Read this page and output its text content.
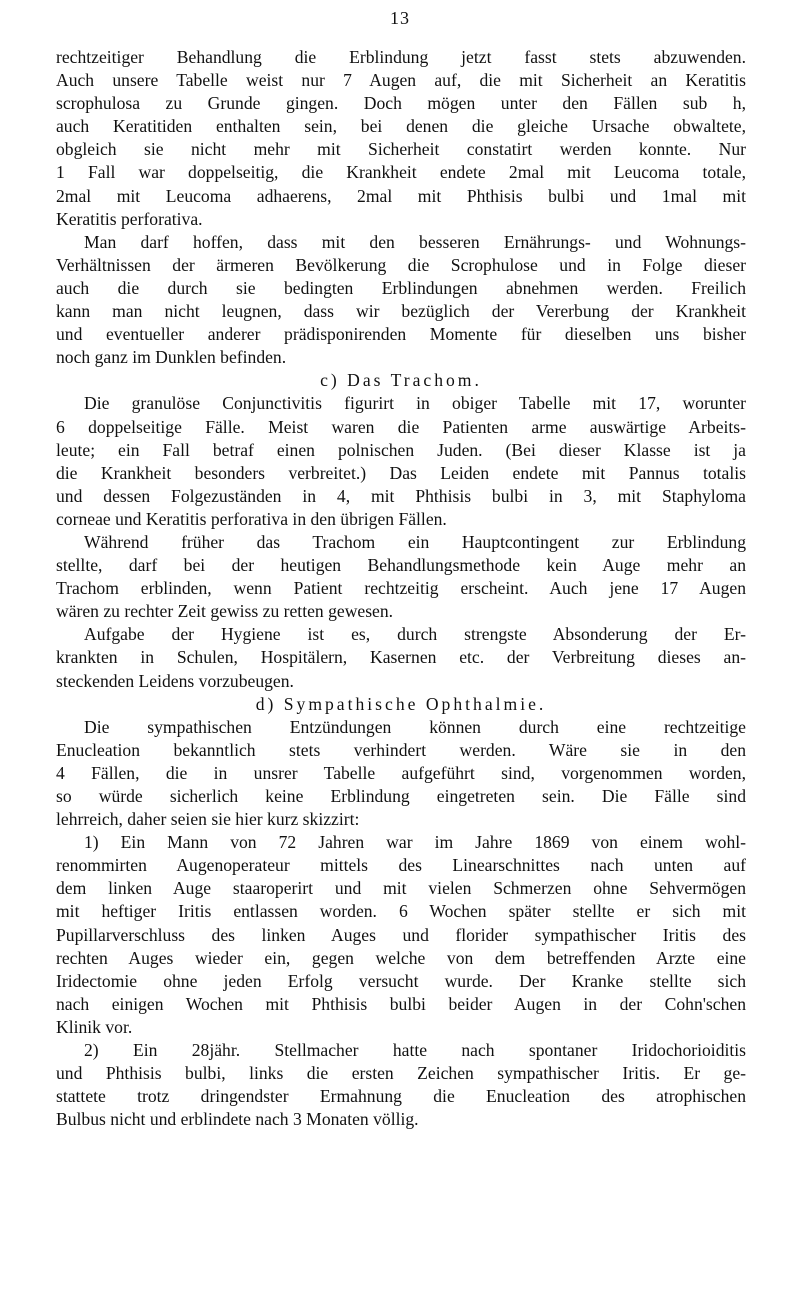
13
rechtzeitiger Behandlung die Erblindung jetzt fasst stets abzuwenden.
Auch unsere Tabelle weist nur 7 Augen auf, die mit Sicherheit an Keratitis
scrophulosa zu Grunde gingen. Doch mögen unter den Fällen sub h,
auch Keratitiden enthalten sein, bei denen die gleiche Ursache obwaltete,
obgleich sie nicht mehr mit Sicherheit constatirt werden konnte. Nur
1 Fall war doppelseitig, die Krankheit endete 2mal mit Leucoma totale,
2mal mit Leucoma adhaerens, 2mal mit Phthisis bulbi und 1mal mit
Keratitis perforativa.
Man darf hoffen, dass mit den besseren Ernährungs- und Wohnungs-
Verhältnissen der ärmeren Bevölkerung die Scrophulose und in Folge dieser
auch die durch sie bedingten Erblindungen abnehmen werden. Freilich
kann man nicht leugnen, dass wir bezüglich der Vererbung der Krankheit
und eventueller anderer prädisponirenden Momente für dieselben uns bisher
noch ganz im Dunklen befinden.
c) Das Trachom.
Die granulöse Conjunctivitis figurirt in obiger Tabelle mit 17, worunter
6 doppelseitige Fälle. Meist waren die Patienten arme auswärtige Arbeits-
leute; ein Fall betraf einen polnischen Juden. (Bei dieser Klasse ist ja
die Krankheit besonders verbreitet.) Das Leiden endete mit Pannus totalis
und dessen Folgezuständen in 4, mit Phthisis bulbi in 3, mit Staphyloma
corneae und Keratitis perforativa in den übrigen Fällen.
Während früher das Trachom ein Hauptcontingent zur Erblindung
stellte, darf bei der heutigen Behandlungsmethode kein Auge mehr an
Trachom erblinden, wenn Patient rechtzeitig erscheint. Auch jene 17 Augen
wären zu rechter Zeit gewiss zu retten gewesen.
Aufgabe der Hygiene ist es, durch strengste Absonderung der Er-
krankten in Schulen, Hospitälern, Kasernen etc. der Verbreitung dieses an-
steckenden Leidens vorzubeugen.
d) Sympathische Ophthalmie.
Die sympathischen Entzündungen können durch eine rechtzeitige
Enucleation bekanntlich stets verhindert werden. Wäre sie in den
4 Fällen, die in unsrer Tabelle aufgeführt sind, vorgenommen worden,
so würde sicherlich keine Erblindung eingetreten sein. Die Fälle sind
lehrreich, daher seien sie hier kurz skizzirt:
1) Ein Mann von 72 Jahren war im Jahre 1869 von einem wohl-
renommirten Augenoperateur mittels des Linearschnittes nach unten auf
dem linken Auge staaroperirt und mit vielen Schmerzen ohne Sehvermögen
mit heftiger Iritis entlassen worden. 6 Wochen später stellte er sich mit
Pupillarverschluss des linken Auges und florider sympathischer Iritis des
rechten Auges wieder ein, gegen welche von dem betreffenden Arzte eine
Iridectomie ohne jeden Erfolg versucht wurde. Der Kranke stellte sich
nach einigen Wochen mit Phthisis bulbi beider Augen in der Cohn'schen
Klinik vor.
2) Ein 28jähr. Stellmacher hatte nach spontaner Iridochorioiditis
und Phthisis bulbi, links die ersten Zeichen sympathischer Iritis. Er ge-
stattete trotz dringendster Ermahnung die Enucleation des atrophischen
Bulbus nicht und erblindete nach 3 Monaten völlig.
